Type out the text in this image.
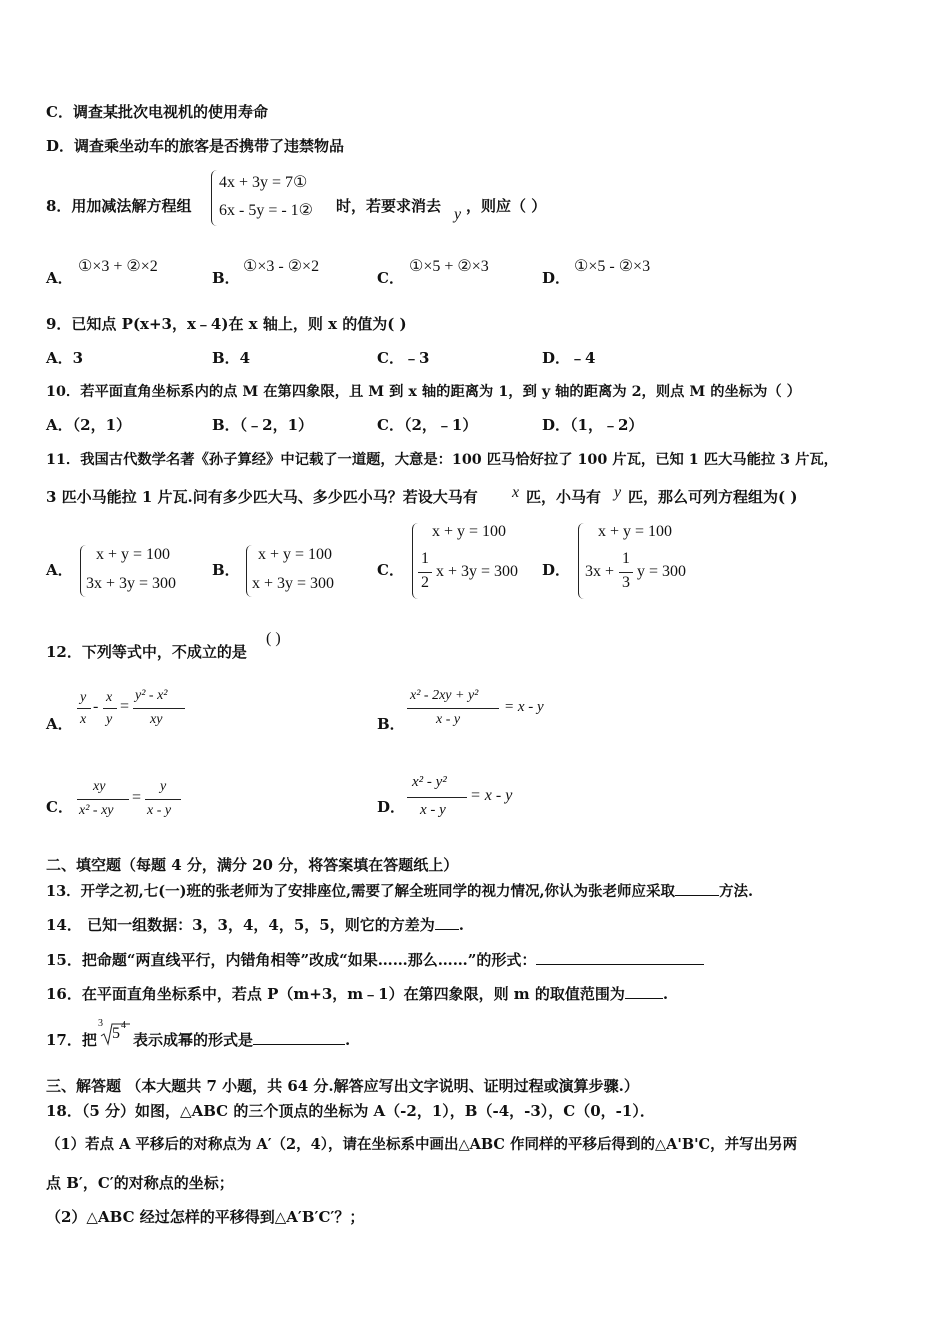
C．调查某批次电视机的使用寿命
D．调查乘坐动车的旅客是否携带了违禁物品
8．用加减法解方程组
4x + 3y = 7①
6x - 5y = - 1② 时，若要求消去 y ，则应（ ）
A．
①×3 + ②×2
B．
①×3 - ②×2
C．
①×5 + ②×3
D．
①×5 - ②×3
9．已知点 P(x+3，x﹣4)在 x 轴上，则 x 的值为( )
A．3	B．4	C．﹣3	D．﹣4
10．若平面直角坐标系内的点 M 在第四象限，且 M 到 x 轴的距离为 1，到 y 轴的距离为 2，则点 M 的坐标为（ ）
A．（2，1）	B．（﹣2，1）	C．（2，﹣1）	D．（1，﹣2）
11．我国古代数学名著《孙子算经》中记载了一道题，大意是：100 匹马恰好拉了 100 片瓦，已知 1 匹大马能拉 3 片瓦，
3 匹小马能拉 1 片瓦.问有多少匹大马、多少匹小马？若设大马有 x 匹，小马有 y 匹，那么可列方程组为( )
A．
x + y = 100
3x + 3y = 300
B．
x + y = 100
x + 3y = 300
C．
x + y = 100
1
2
x + 3y = 300 D．
x + y = 100
3x +
1
3
y = 300
12．下列等式中，不成立的是
( )
A．
y
x
-
x
y
=
y² - x²
xy	B．
x² - 2xy + y²
x - y
= x - y
C．
xy
x² - xy
=
y
x - y	D．
x² - y²
x - y
= x - y
二、填空题（每题 4 分，满分 20 分，将答案填在答题纸上）
13．开学之初,七(一)班的张老师为了安排座位,需要了解全班同学的视力情况,你认为张老师应采取	方法.
14． 已知一组数据：3，3，4，4，5，5，则它的方差为 .
15．把命题“两直线平行，内错角相等”改成“如果……那么……”的形式：
16．在平面直角坐标系中，若点 P（m+3，m﹣1）在第四象限，则 m 的取值范围为	.
17．把
3
5 4
表示成幂的形式是	.
三、解答题 （本大题共 7 小题，共 64 分.解答应写出文字说明、证明过程或演算步骤.）
18．（5 分）如图，△ABC 的三个顶点的坐标为 A（-2，1），B（-4，-3），C（0，-1）．
（1）若点 A 平移后的对称点为 A′（2，4），请在坐标系中画出△ABC 作同样的平移后得到的△A'B'C，并写出另两
点 B′，C′的对称点的坐标；
（2）△ABC 经过怎样的平移得到△A′B′C′？；
